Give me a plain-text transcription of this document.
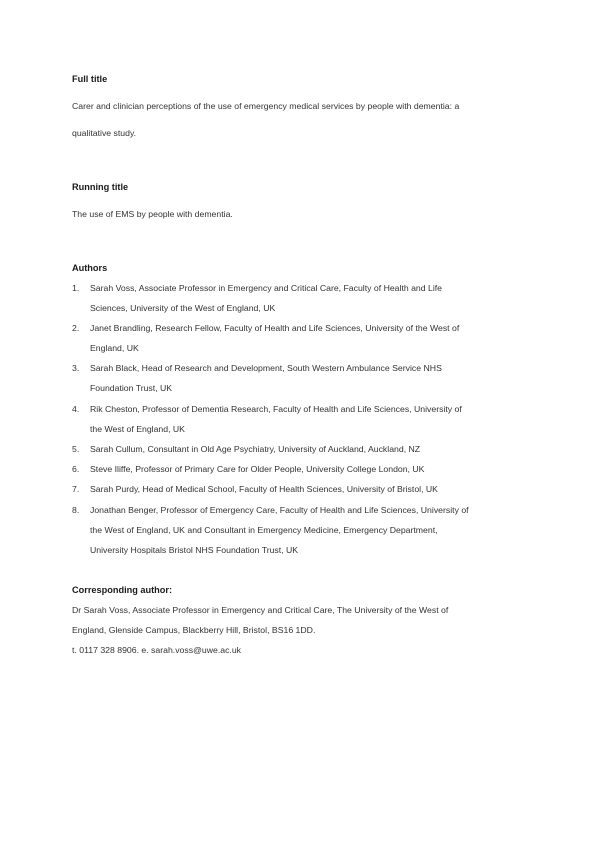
Full title
Carer and clinician perceptions of the use of emergency medical services by people with dementia: a
qualitative study.
Running title
The use of EMS by people with dementia.
Authors
1. Sarah Voss, Associate Professor in Emergency and Critical Care, Faculty of Health and Life
Sciences, University of the West of England, UK
2. Janet Brandling, Research Fellow, Faculty of Health and Life Sciences, University of the West of
England, UK
3. Sarah Black, Head of Research and Development, South Western Ambulance Service NHS
Foundation Trust, UK
4. Rik Cheston, Professor of Dementia Research, Faculty of Health and Life Sciences, University of
the West of England, UK
5. Sarah Cullum, Consultant in Old Age Psychiatry, University of Auckland, Auckland, NZ
6. Steve Iliffe, Professor of Primary Care for Older People, University College London, UK
7. Sarah Purdy, Head of Medical School, Faculty of Health Sciences, University of Bristol, UK
8. Jonathan Benger, Professor of Emergency Care, Faculty of Health and Life Sciences, University of
the West of England, UK and Consultant in Emergency Medicine, Emergency Department,
University Hospitals Bristol NHS Foundation Trust, UK
Corresponding author:
Dr Sarah Voss, Associate Professor in Emergency and Critical Care, The University of the West of
England, Glenside Campus, Blackberry Hill, Bristol, BS16 1DD.
t. 0117 328 8906. e. sarah.voss@uwe.ac.uk
